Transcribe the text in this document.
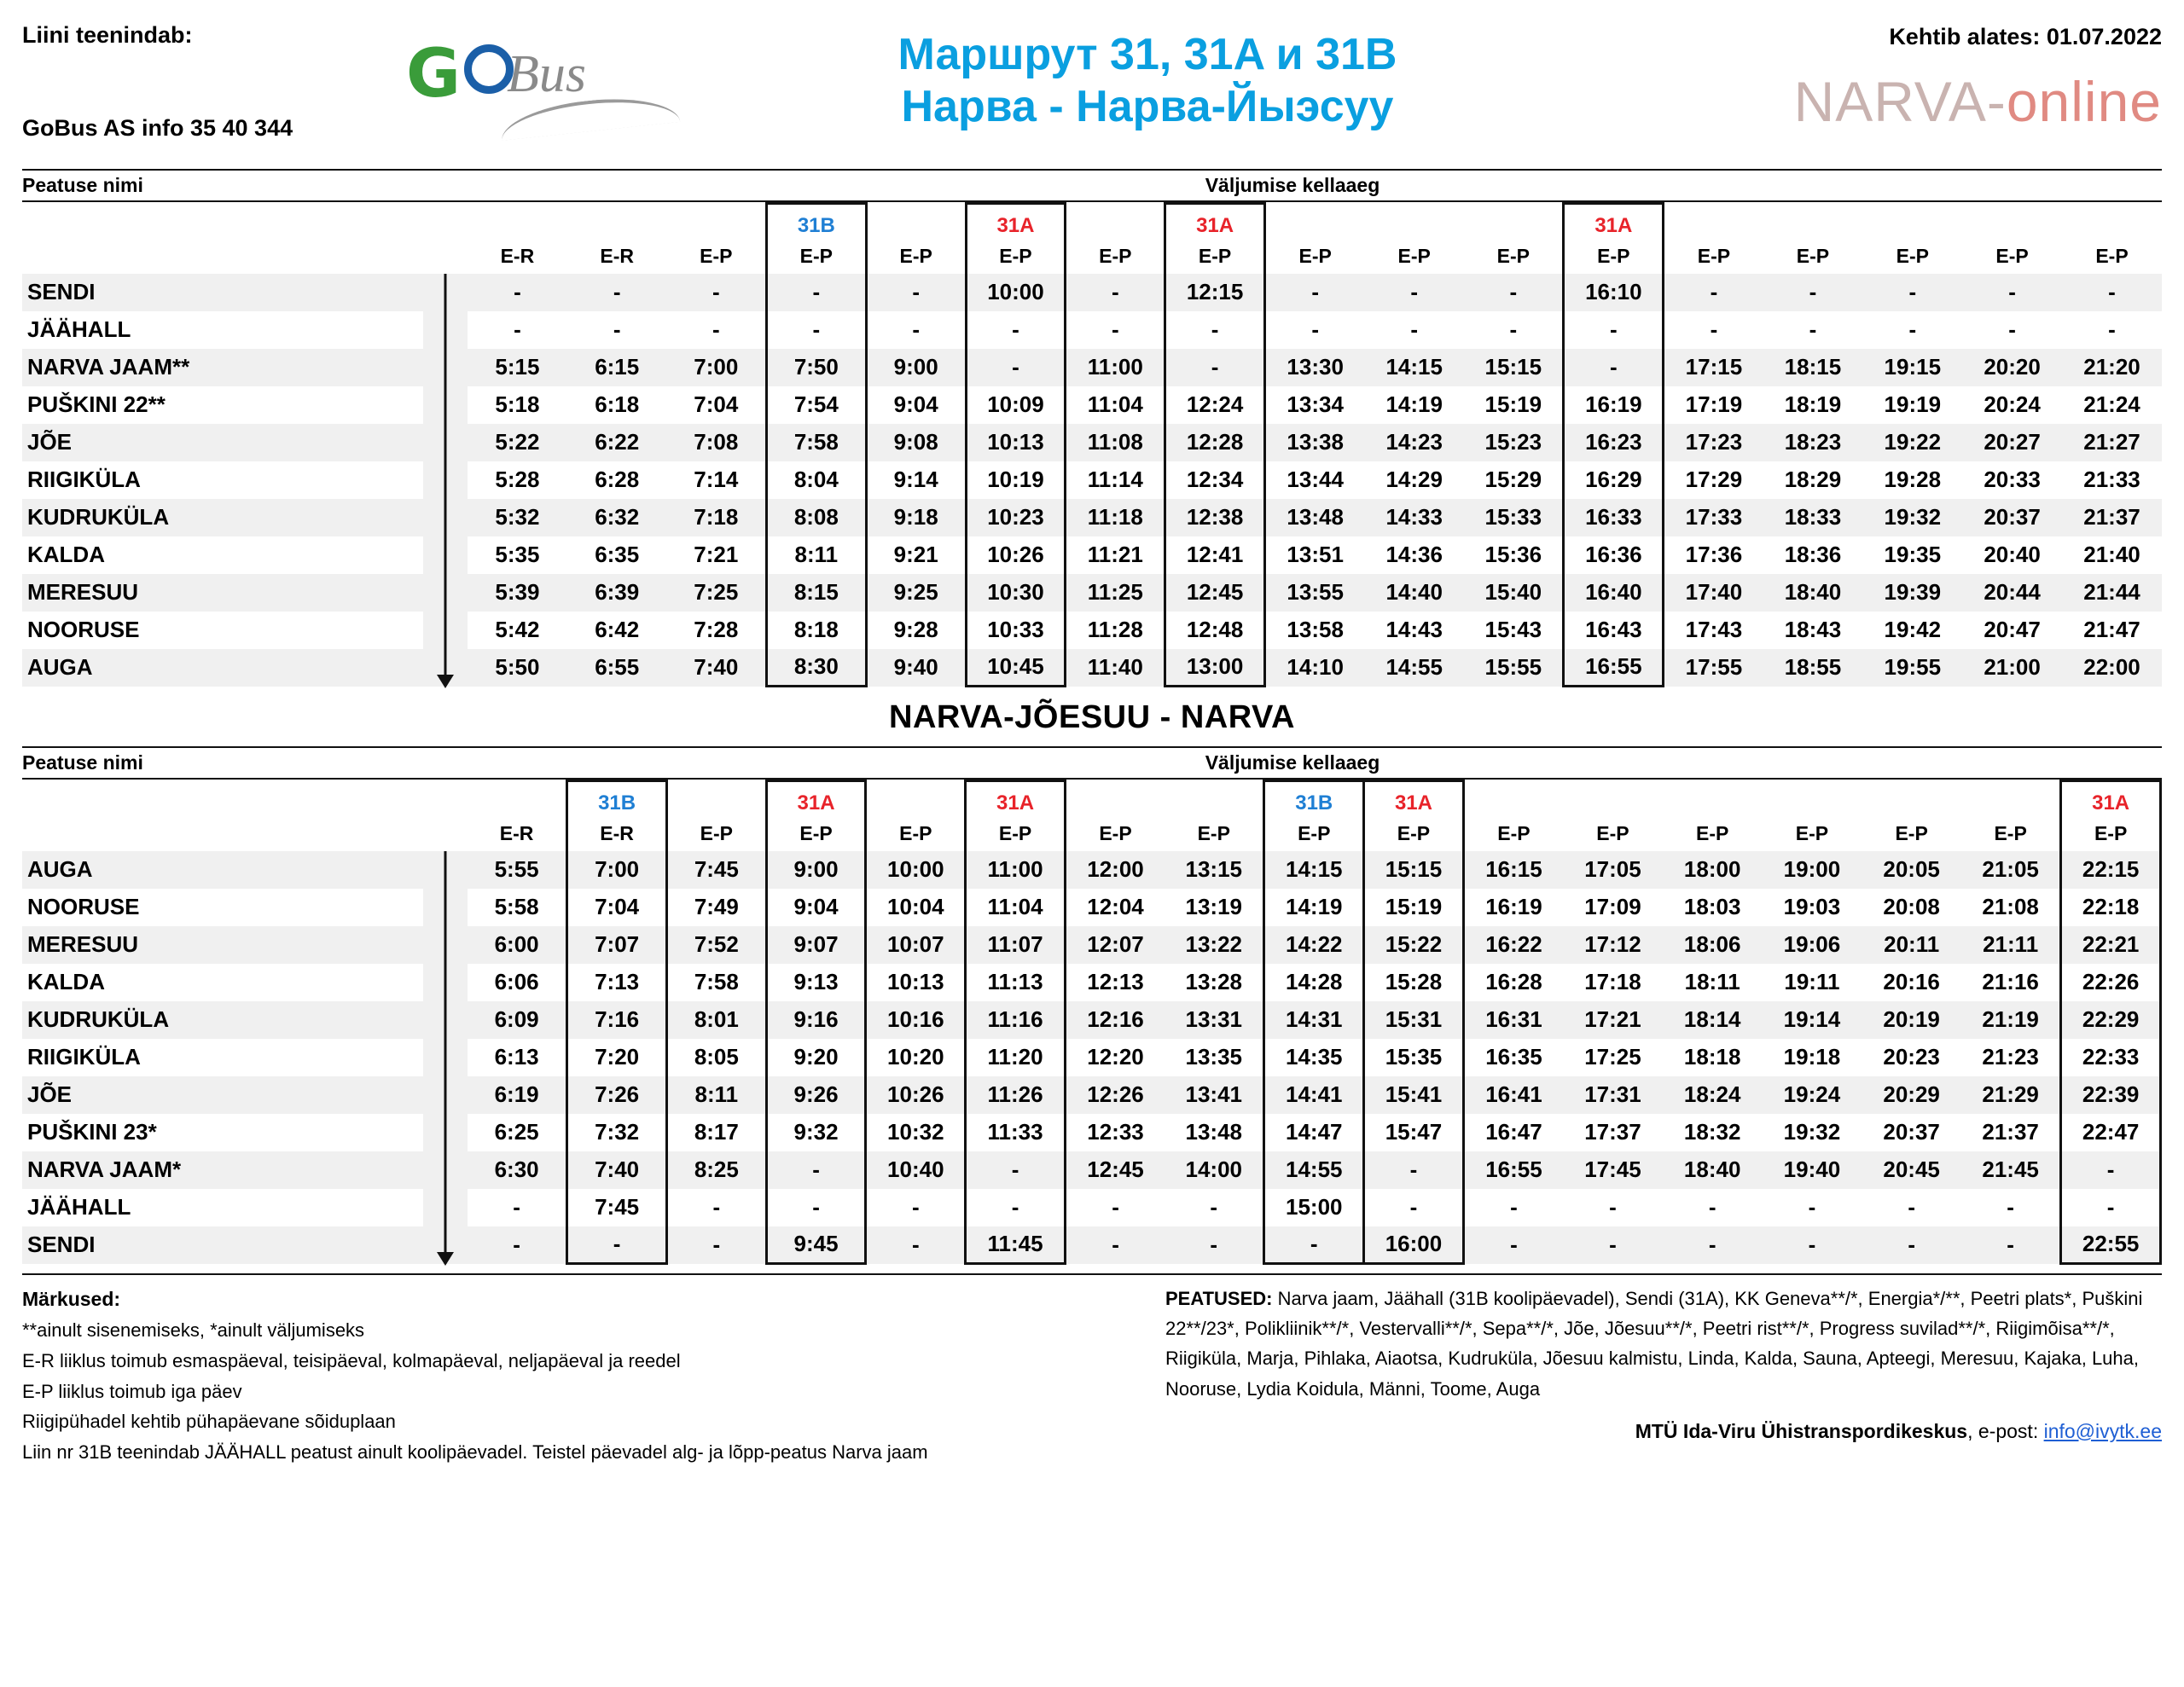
Liini teenindab:
GoBus AS info 35 40 344
G Bus	Маршрут 31, 31A и 31B
Нарва - Нарва-Йыэсуу
Kehtib alates: 01.07.2022
NARVA-online
Peatuse nimi	Väljumise kellaaeg
					31B		31A		31A				31A					
		E-R	E-R	E-P	E-P	E-P	E-P	E-P	E-P	E-P	E-P	E-P	E-P	E-P	E-P	E-P	E-P	E-P
SENDI		-	-	-	-	-	10:00	-	12:15	-	-	-	16:10	-	-	-	-	-
JÄÄHALL		-	-	-	-	-	-	-	-	-	-	-	-	-	-	-	-	-
NARVA JAAM**		5:15	6:15	7:00	7:50	9:00	-	11:00	-	13:30	14:15	15:15	-	17:15	18:15	19:15	20:20	21:20
PUŠKINI 22**		5:18	6:18	7:04	7:54	9:04	10:09	11:04	12:24	13:34	14:19	15:19	16:19	17:19	18:19	19:19	20:24	21:24
JÕE		5:22	6:22	7:08	7:58	9:08	10:13	11:08	12:28	13:38	14:23	15:23	16:23	17:23	18:23	19:22	20:27	21:27
RIIGIKÜLA		5:28	6:28	7:14	8:04	9:14	10:19	11:14	12:34	13:44	14:29	15:29	16:29	17:29	18:29	19:28	20:33	21:33
KUDRUKÜLA		5:32	6:32	7:18	8:08	9:18	10:23	11:18	12:38	13:48	14:33	15:33	16:33	17:33	18:33	19:32	20:37	21:37
KALDA		5:35	6:35	7:21	8:11	9:21	10:26	11:21	12:41	13:51	14:36	15:36	16:36	17:36	18:36	19:35	20:40	21:40
MERESUU		5:39	6:39	7:25	8:15	9:25	10:30	11:25	12:45	13:55	14:40	15:40	16:40	17:40	18:40	19:39	20:44	21:44
NOORUSE		5:42	6:42	7:28	8:18	9:28	10:33	11:28	12:48	13:58	14:43	15:43	16:43	17:43	18:43	19:42	20:47	21:47
AUGA		5:50	6:55	7:40	8:30	9:40	10:45	11:40	13:00	14:10	14:55	15:55	16:55	17:55	18:55	19:55	21:00	22:00
NARVA-JÕESUU - NARVA
Peatuse nimi	Väljumise kellaaeg
			31B		31A		31A			31B	31A							31A
		E-R	E-R	E-P	E-P	E-P	E-P	E-P	E-P	E-P	E-P	E-P	E-P	E-P	E-P	E-P	E-P	E-P
AUGA		5:55	7:00	7:45	9:00	10:00	11:00	12:00	13:15	14:15	15:15	16:15	17:05	18:00	19:00	20:05	21:05	22:15
NOORUSE		5:58	7:04	7:49	9:04	10:04	11:04	12:04	13:19	14:19	15:19	16:19	17:09	18:03	19:03	20:08	21:08	22:18
MERESUU		6:00	7:07	7:52	9:07	10:07	11:07	12:07	13:22	14:22	15:22	16:22	17:12	18:06	19:06	20:11	21:11	22:21
KALDA		6:06	7:13	7:58	9:13	10:13	11:13	12:13	13:28	14:28	15:28	16:28	17:18	18:11	19:11	20:16	21:16	22:26
KUDRUKÜLA		6:09	7:16	8:01	9:16	10:16	11:16	12:16	13:31	14:31	15:31	16:31	17:21	18:14	19:14	20:19	21:19	22:29
RIIGIKÜLA		6:13	7:20	8:05	9:20	10:20	11:20	12:20	13:35	14:35	15:35	16:35	17:25	18:18	19:18	20:23	21:23	22:33
JÕE		6:19	7:26	8:11	9:26	10:26	11:26	12:26	13:41	14:41	15:41	16:41	17:31	18:24	19:24	20:29	21:29	22:39
PUŠKINI 23*		6:25	7:32	8:17	9:32	10:32	11:33	12:33	13:48	14:47	15:47	16:47	17:37	18:32	19:32	20:37	21:37	22:47
NARVA JAAM*		6:30	7:40	8:25	-	10:40	-	12:45	14:00	14:55	-	16:55	17:45	18:40	19:40	20:45	21:45	-
JÄÄHALL		-	7:45	-	-	-	-	-	-	15:00	-	-	-	-	-	-	-	-
SENDI		-	-	-	9:45	-	11:45	-	-	-	16:00	-	-	-	-	-	-	22:55
Märkused:
**ainult sisenemiseks, *ainult väljumiseks
E-R liiklus toimub esmaspäeval, teisipäeval, kolmapäeval, neljapäeval ja reedel
E-P liiklus toimub iga päev
Riigipühadel kehtib pühapäevane sõiduplaan
Liin nr 31B teenindab JÄÄHALL peatust ainult koolipäevadel. Teistel päevadel alg- ja lõpp-peatus Narva jaam
PEATUSED: Narva jaam, Jäähall (31B koolipäevadel), Sendi (31A), KK Geneva**/*, Energia*/**, Peetri plats*, Puškini 22**/23*, Polikliinik**/*, Vestervalli**/*, Sepa**/*, Jõe, Jõesuu**/*, Peetri rist**/*, Progress suvilad**/*, Riigimõisa**/*, Riigiküla, Marja, Pihlaka, Aiaotsa, Kudruküla, Jõesuu kalmistu, Linda, Kalda, Sauna, Apteegi, Meresuu, Kajaka, Luha, Nooruse, Lydia Koidula, Männi, Toome, Auga
MTÜ Ida-Viru Ühistranspordikeskus, e-post: info@ivytk.ee
